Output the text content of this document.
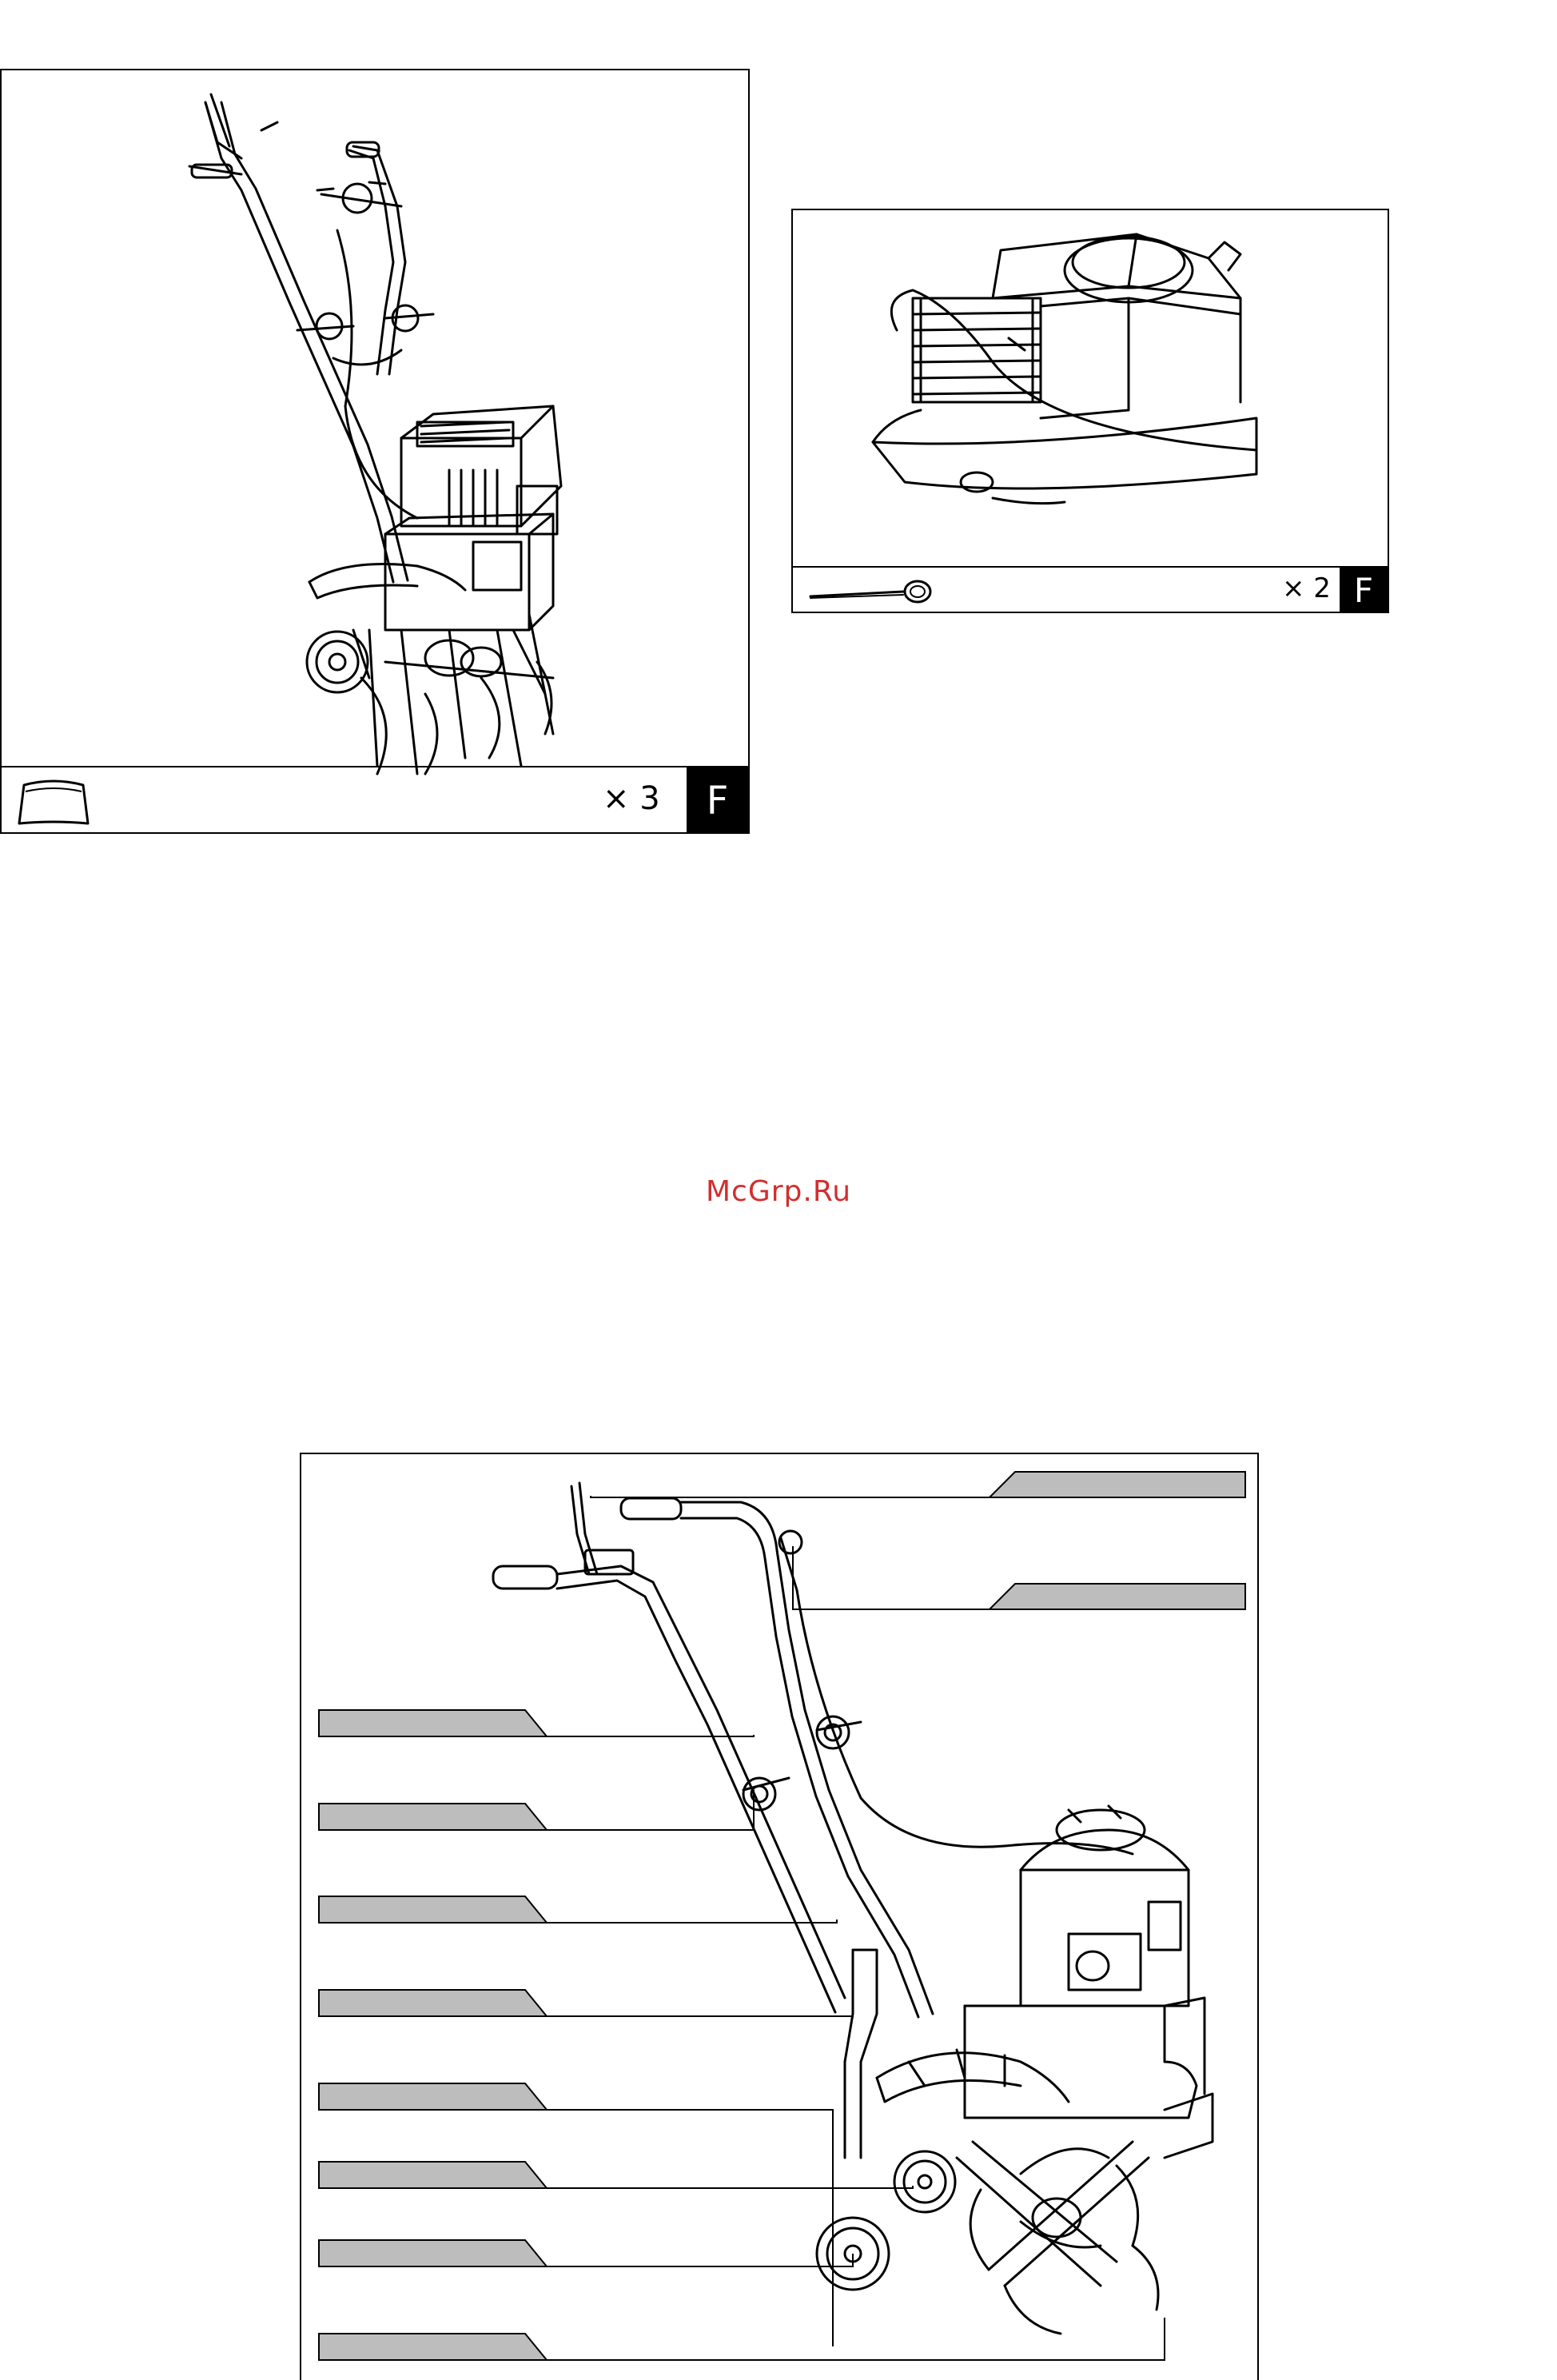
× 3	F
× 2 F
McGrp.Ru
